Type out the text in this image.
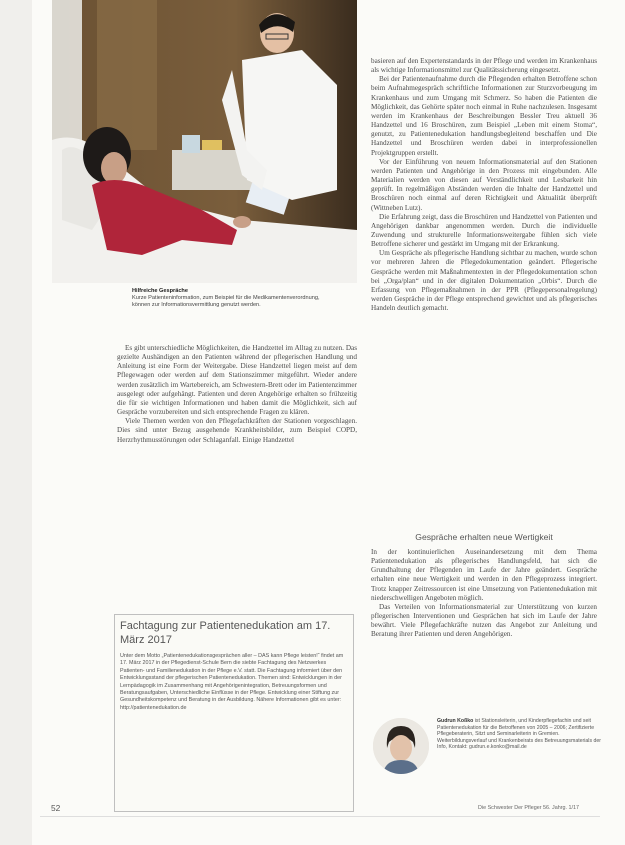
Hilfreiche Gespräche
Kurze Patienteninformation, zum Beispiel für die Medikamentenverordnung, können zur Informationsvermittlung genutzt werden.

Es gibt unterschiedliche Möglichkeiten, die Handzettel im Alltag zu nutzen. Das gezielte Aushändigen an den Patienten während der pflegerischen Handlung und Anleitung ist eine Form der Weitergabe. Diese Handzettel liegen meist auf dem Pflegewagen oder werden auf dem Stationszimmer mitgeführt. Wieder andere werden zusätzlich im Wartebereich, am Schwestern-Brett oder im Patientenzimmer ausgelegt oder aufgehängt. Patienten und deren Angehörige erhalten so frühzeitig die für sie wichtigen Informationen und haben damit die Möglichkeit, sich auf Gespräche vorzubereiten und sich entsprechende Fragen zu klären.

Viele Themen werden von den Pflegefachkräften der Stationen vorgeschlagen. Dies sind unter Bezug ausgehende Krankheitsbilder, zum Beispiel COPD, Herzrhythmusstörungen oder Schlaganfall. Einige Handzettel

basieren auf den Expertenstandards in der Pflege und werden im Krankenhaus als wichtige Informationsmittel zur Qualitätssicherung eingesetzt.

Bei der Patientenaufnahme durch die Pflegenden erhalten Betroffene schon beim Aufnahmegespräch schriftliche Informationen zur Sturzvorbeugung im Krankenhaus und zum Umgang mit Schmerz. So haben die Patienten die Möglichkeit, das Gehörte später noch einmal in Ruhe nachzulesen. Insgesamt werden im Krankenhaus der Beschreibungen Bessler Treu aktuell 36 Handzettel und 16 Broschüren, zum Beispiel „Leben mit einem Stoma“, genutzt, zu Patientenedukation handlungsbegleitend beschaffen und Die Handzettel und Broschüren werden dabei in interprofessionellen Projektgruppen erstellt.

Vor der Einführung von neuem Informationsmaterial auf den Stationen werden Patienten und Angehörige in den Prozess mit eingebunden. Alle Materialien werden von diesen auf Verständlichkeit und Lesbarkeit hin geprüft. In regelmäßigen Abständen werden die Inhalte der Handzettel und Broschüren noch einmal auf deren Richtigkeit und Aktualität überprüft (Wittneben Lutz).

Die Erfahrung zeigt, dass die Broschüren und Handzettel von Patienten und Angehörigen dankbar angenommen werden. Durch die individuelle Zuwendung und strukturelle Informationsweitergabe fühlen sich viele Betroffene sicherer und gestärkt im Umgang mit der Erkrankung.

Um Gespräche als pflegerische Handlung sichtbar zu machen, wurde schon vor mehreren Jahren die Pflegedokumentation geändert. Pflegerische Gespräche werden mit Maßnahmentexten in der Pflegedokumentation schon bei „Orga/plan“ und in der digitalen Dokumentation „Orbis“. Durch die Erfassung von Pflegemaßnahmen in der PPR (Pflegepersonalregelung) werden Gespräche in der Pflege entsprechend gewichtet und als pflegerisches Handeln deutlich gemacht.

Gespräche erhalten neue Wertigkeit

In der kontinuierlichen Auseinandersetzung mit dem Thema Patientenedukation als pflegerisches Handlungsfeld, hat sich die Grundhaltung der Pflegenden im Laufe der Jahre geändert. Gespräche erhalten eine neue Wertigkeit und werden in den Pflegeprozess integriert. Trotz knapper Zeitressourcen ist eine Umsetzung von Patientenedukation mit niederschwelligen Angeboten möglich.

Das Verteilen von Informationsmaterial zur Unterstützung von kurzen pflegerischen Interventionen und Gesprächen hat sich im Laufe der Jahre bewährt. Viele Pflegefachkräfte nutzen das Angebot zur Anleitung und Beratung ihrer Patienten und deren Angehörigen.

Fachtagung zur Patientenedukation am 17. März 2017
Unter dem Motto „Patientenedukationsgesprächen aller – DAS kann Pflege leisten!“ findet am 17. März 2017 in der Pflegedienst-Schule Bern die siebte Fachtagung des Netzwerkes Patienten- und Familienedukation in der Pflege e.V. statt. Die Fachtagung informiert über den Entwicklungsstand der pflegerischen Patientenedukation. Themen sind: Entwicklungen in der Lernpädagogik im Zusammenhang mit Angehörigenintegration, Betreuungsformen und Beratungsaufgaben, Unterschiedliche Einflüsse in der Pflege. Entwicklung einer Stiftung zur Gesundheitskompetenz und Beratung in der Ausbildung. Nähere Informationen gibt es unter: http://patientenedukation.de
Gudrun Koßko ist Stationsleiterin, und Kinderpflegefachin und seit Patientenedukation für die Betroffenen von 2005 – 2006; Zertifizierte Pflegeberaterin, Sitzt und Seminarleiterin in Gremien. Weiterbildungsverlauf und Krankenbeirats des Betreuungsmaterials der Info, Kontakt: gudrun.e.konko@mail.de
52	Die Schwester Der Pfleger 56. Jahrg. 1/17
